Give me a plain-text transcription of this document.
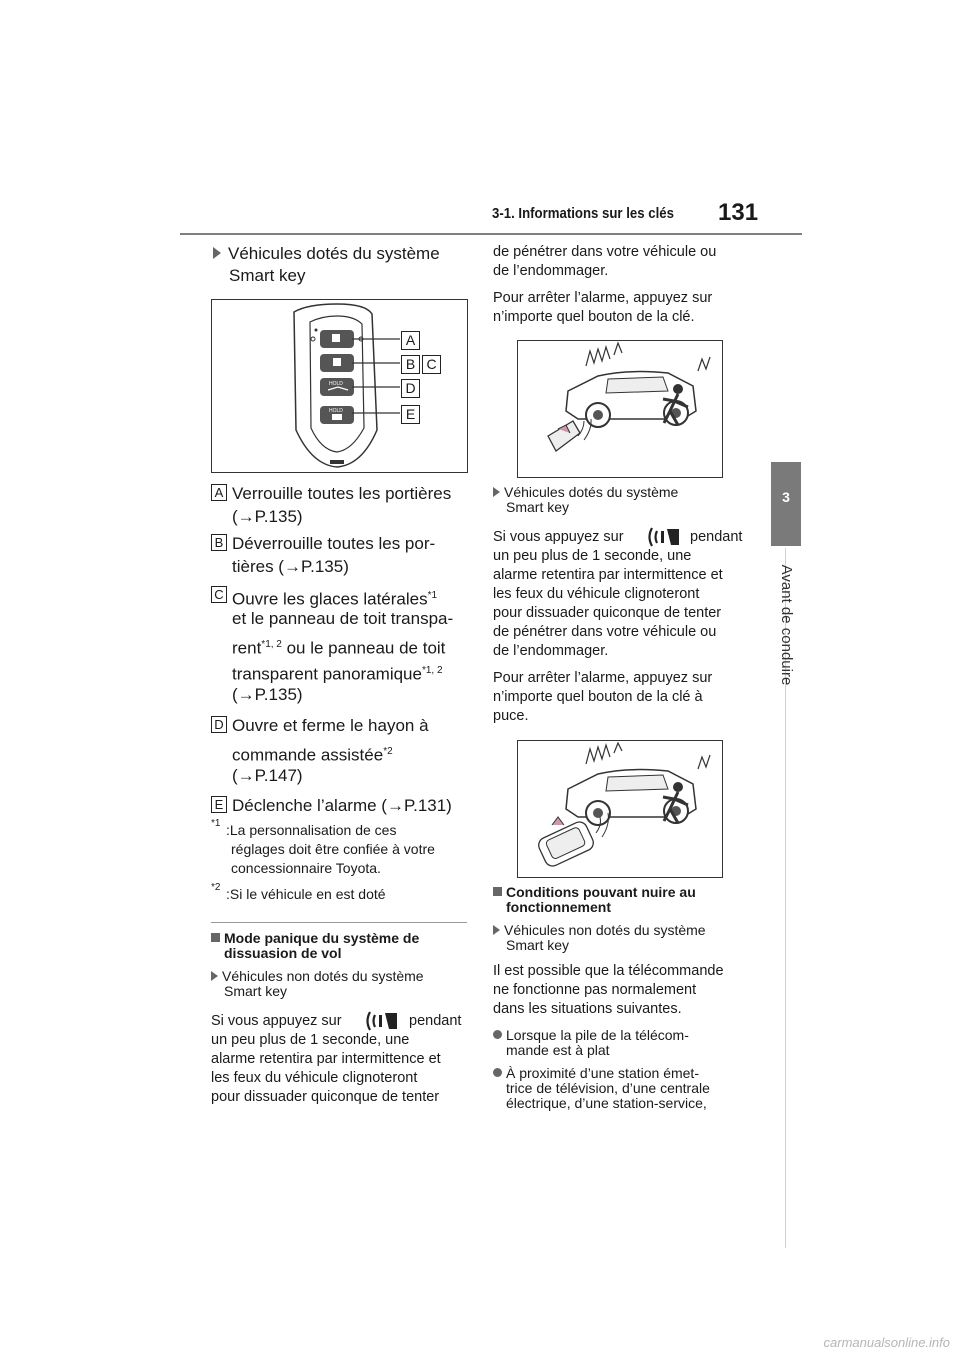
3-1. Informations sur les clés 131
3
Avant de conduire
Véhicules dotés du système
Smart key
HOLD
HOLD
A
B C
D
E
A Verrouille toutes les portières
(→P.135)
B Déverrouille toutes les por-
tières (→P.135)
C Ouvre les glaces latérales$^{*1}$
et le panneau de toit transpa-
rent$^{*1, 2}$ ou le panneau de toit
transparent panoramique$^{*1, 2}$
(→P.135)
D Ouvre et ferme le hayon à
commande assistée$^{*2}$
(→P.147)
E Déclenche l’alarme (→P.131)
*1 :La personnalisation de ces
réglages doit être confiée à votre
concessionnaire Toyota.
*2 :Si le véhicule en est doté
Mode panique du système de
dissuasion de vol
Véhicules non dotés du système
Smart key
Si vous appuyez sur	pendant
un peu plus de 1 seconde, une
alarme retentira par intermittence et
les feux du véhicule clignoteront
pour dissuader quiconque de tenter
de pénétrer dans votre véhicule ou
de l’endommager.
Pour arrêter l’alarme, appuyez sur
n’importe quel bouton de la clé.
Véhicules dotés du système
Smart key
Si vous appuyez sur	pendant
un peu plus de 1 seconde, une
alarme retentira par intermittence et
les feux du véhicule clignoteront
pour dissuader quiconque de tenter
de pénétrer dans votre véhicule ou
de l’endommager.
Pour arrêter l’alarme, appuyez sur
n’importe quel bouton de la clé à
puce.
Conditions pouvant nuire au
fonctionnement
Véhicules non dotés du système
Smart key
Il est possible que la télécommande
ne fonctionne pas normalement
dans les situations suivantes.
Lorsque la pile de la télécom-
mande est à plat
À proximité d’une station émet-
trice de télévision, d’une centrale
électrique, d’une station-service,
carmanualsonline.info
